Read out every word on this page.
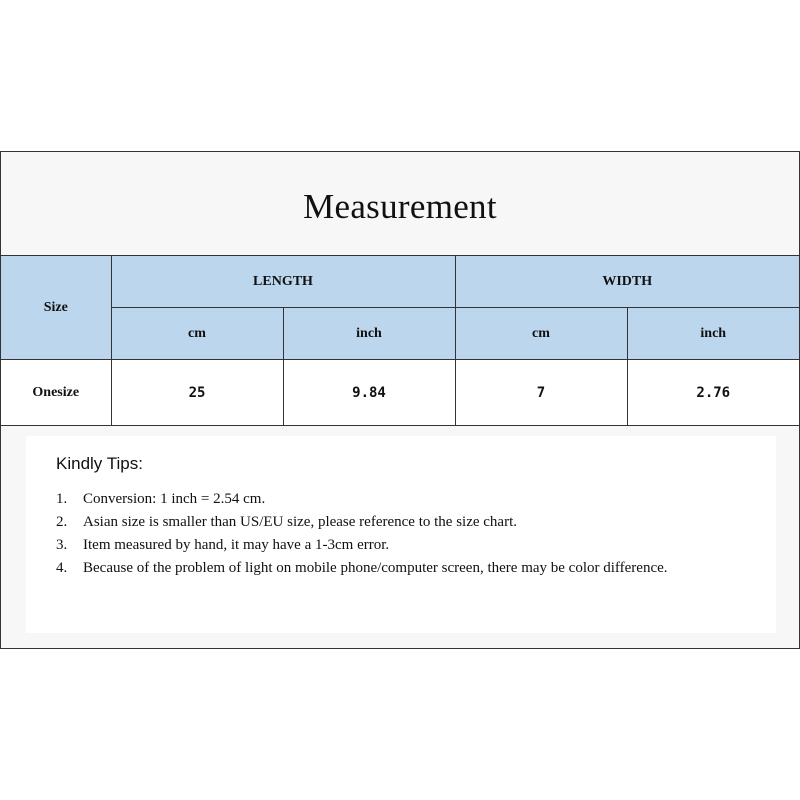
Measurement
Size	LENGTH		WIDTH	
	cm	inch	cm	inch
Onesize	25	9.84	7	2.76
Kindly Tips:
1.	Conversion: 1 inch = 2.54 cm.
2.	Asian size is smaller than US/EU size, please reference to the size chart.
3.	Item measured by hand, it may have a 1-3cm error.
4.	Because of the problem of light on mobile phone/computer screen, there may be color difference.
